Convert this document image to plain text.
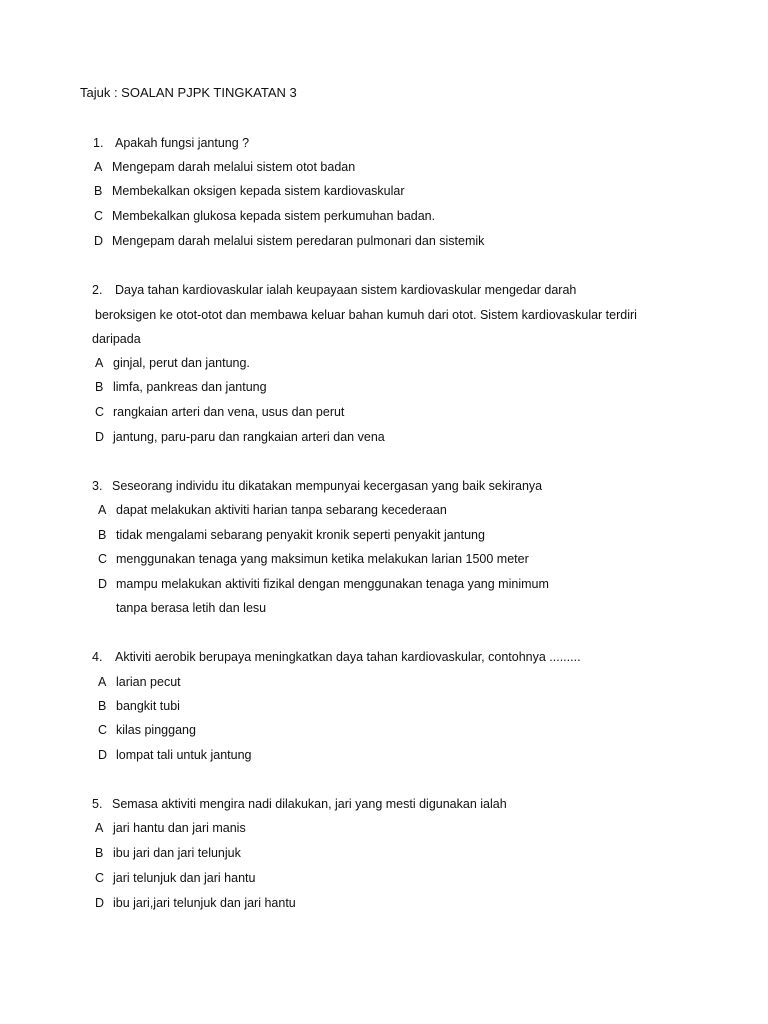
Tajuk : SOALAN PJPK TINGKATAN 3
1. Apakah fungsi jantung ?
A Mengepam darah melalui sistem otot badan
B Membekalkan oksigen kepada sistem kardiovaskular
C Membekalkan glukosa kepada sistem perkumuhan badan.
D Mengepam darah melalui sistem peredaran pulmonari dan sistemik
2. Daya tahan kardiovaskular ialah keupayaan sistem kardiovaskular mengedar darah
beroksigen ke otot-otot dan membawa keluar bahan kumuh dari otot. Sistem kardiovaskular terdiri
daripada
A ginjal, perut dan jantung.
B limfa, pankreas dan jantung
C rangkaian arteri dan vena, usus dan perut
D jantung, paru-paru dan rangkaian arteri dan vena
3. Seseorang individu itu dikatakan mempunyai kecergasan yang baik sekiranya
A dapat melakukan aktiviti harian tanpa sebarang kecederaan
B tidak mengalami sebarang penyakit kronik seperti penyakit jantung
C menggunakan tenaga yang maksimun ketika melakukan larian 1500 meter
D mampu melakukan aktiviti fizikal dengan menggunakan tenaga yang minimum
tanpa berasa letih dan lesu
4. Aktiviti aerobik berupaya meningkatkan daya tahan kardiovaskular, contohnya .........
A larian pecut
B bangkit tubi
C kilas pinggang
D lompat tali untuk jantung
5. Semasa aktiviti mengira nadi dilakukan, jari yang mesti digunakan ialah
A jari hantu dan jari manis
B ibu jari dan jari telunjuk
C jari telunjuk dan jari hantu
D ibu jari,jari telunjuk dan jari hantu
